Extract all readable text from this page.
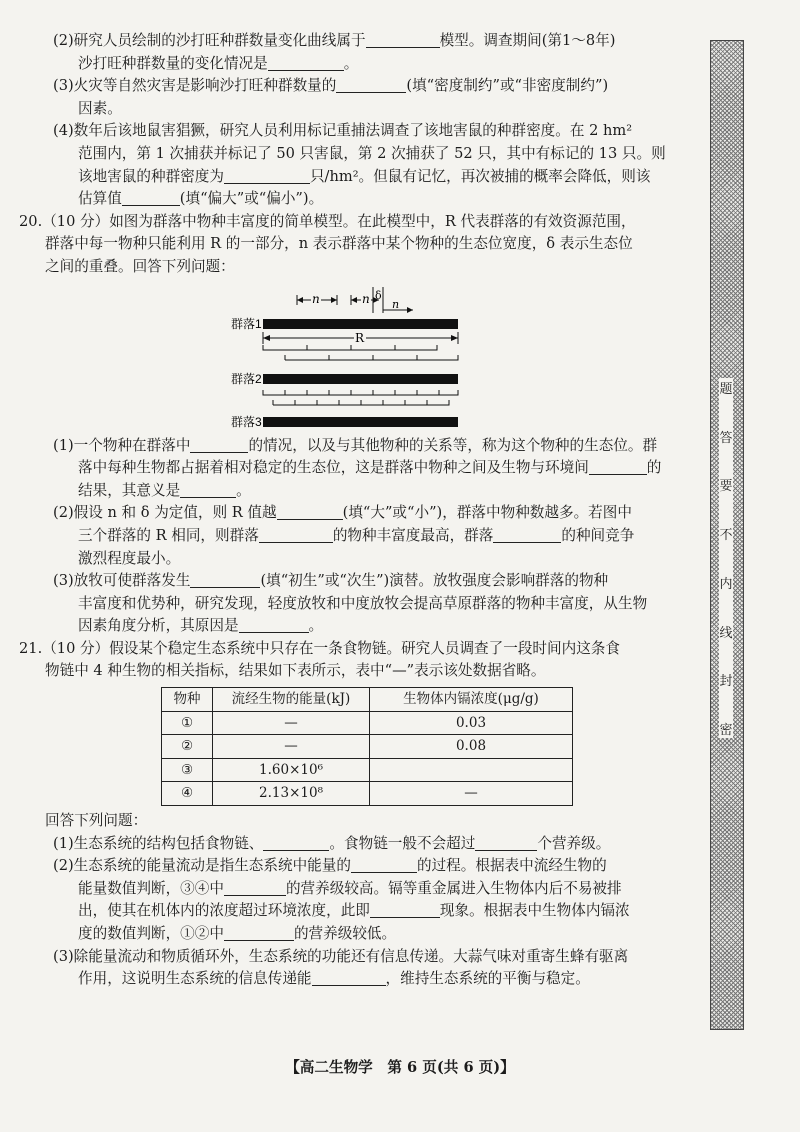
(2)研究人员绘制的沙打旺种群数量变化曲线属于	模型。调查期间(第1～8年)
沙打旺种群数量的变化情况是	。
(3)火灾等自然灾害是影响沙打旺种群数量的	(填“密度制约”或“非密度制约”)
因素。
(4)数年后该地鼠害猖獗，研究人员利用标记重捕法调查了该地害鼠的种群密度。在 2 hm²
范围内，第 1 次捕获并标记了 50 只害鼠，第 2 次捕获了 52 只，其中有标记的 13 只。则
该地害鼠的种群密度为	只/hm²。但鼠有记忆，再次被捕的概率会降低，则该
估算值	(填“偏大”或“偏小”)。
20.（10 分）如图为群落中物种丰富度的简单模型。在此模型中，R 代表群落的有效资源范围，
群落中每一物种只能利用 R 的一部分，n 表示群落中某个物种的生态位宽度，δ 表示生态位
之间的重叠。回答下列问题：
群落1
群落2
群落3
n	n δ
n
R
(1)一个物种在群落中	的情况，以及与其他物种的关系等，称为这个物种的生态位。群
落中每种生物都占据着相对稳定的生态位，这是群落中物种之间及生物与环境间	的
结果，其意义是	。
(2)假设 n 和 δ 为定值，则 R 值越	(填“大”或“小”)，群落中物种数越多。若图中
三个群落的 R 相同，则群落	的物种丰富度最高，群落	的种间竞争
激烈程度最小。
(3)放牧可使群落发生	(填“初生”或“次生”)演替。放牧强度会影响群落的物种
丰富度和优势种，研究发现，轻度放牧和中度放牧会提高草原群落的物种丰富度，从生物
因素角度分析，其原因是	。
21.（10 分）假设某个稳定生态系统中只存在一条食物链。研究人员调查了一段时间内这条食
物链中 4 种生物的相关指标，结果如下表所示，表中“—”表示该处数据省略。
物种	流经生物的能量(kJ)	生物体内镉浓度(μg/g)
①	—	0.03
②	—	0.08
③	1.60×10⁶	
④	2.13×10⁸	—
回答下列问题：
(1)生态系统的结构包括食物链、	。食物链一般不会超过	个营养级。
(2)生态系统的能量流动是指生态系统中能量的	的过程。根据表中流经生物的
能量数值判断，③④中	的营养级较高。镉等重金属进入生物体内后不易被排
出，使其在机体内的浓度超过环境浓度，此即	现象。根据表中生物体内镉浓
度的数值判断，①②中	的营养级较低。
(3)除能量流动和物质循环外，生态系统的功能还有信息传递。大蒜气味对重寄生蜂有驱离
作用，这说明生态系统的信息传递能	，维持生态系统的平衡与稳定。
题
答
要
不
内
线
封
密
【高二生物学　第 6 页(共 6 页)】
